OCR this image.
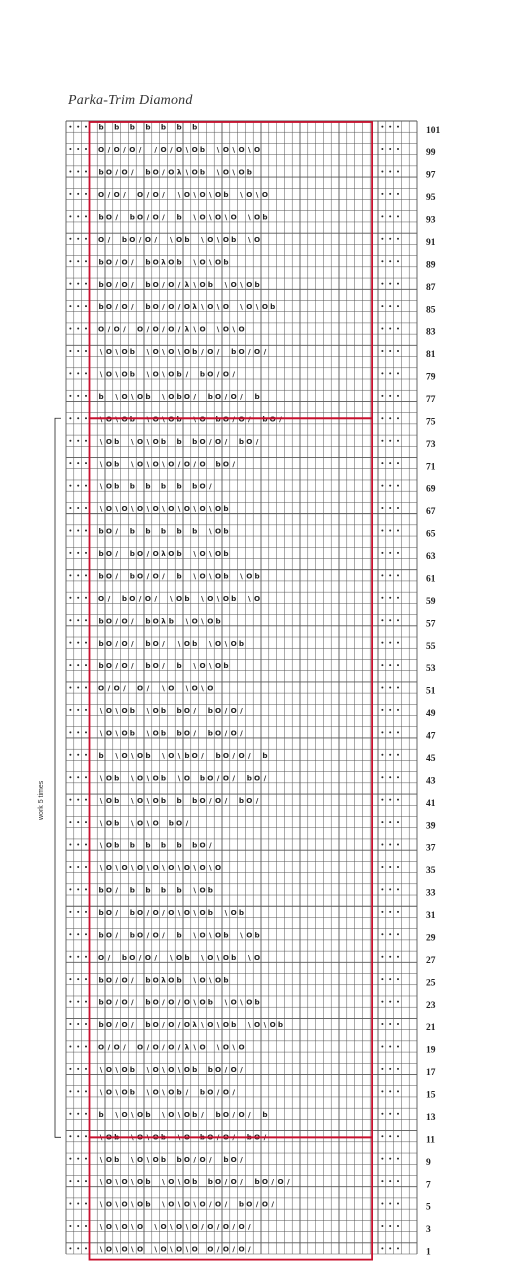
Parka-Trim Diamond
work 5 times
b b b b b b b
O / O / O / / O / O \ O b \ O \ O \ O
b O / O / b O / O λ \ O b \ O \ O b
O / O / O / O / \ O \ O \ O b \ O \ O
b O / b O / O / b \ O \ O \ O \ O b
O / b O / O / \ O b \ O \ O b \ O
b O / O / b O λ O b \ O \ O b
b O / O / b O / O / λ \ O b \ O \ O b
b O / O / b O / O / O λ \ O \ O \ O \ O b
O / O / O / O / O / λ \ O \ O \ O
\ O \ O b \ O \ O \ O b / O / b O / O /
\ O \ O b \ O \ O b / b O / O /
b \ O \ O b \ O b O / b O / O / b
\ O \ O b \ O \ O b \ O b O / O / b O /
\ O b \ O \ O b b b O / O / b O /
\ O b \ O \ O \ O / O / O b O /
\ O b b b b b b O /
\ O \ O \ O \ O \ O \ O \ O \ O b
b O / b b b b b \ O b
b O / b O / O λ O b \ O \ O b
b O / b O / O / b \ O \ O b \ O b
O / b O / O / \ O b \ O \ O b \ O
b O / O / b O λ b \ O \ O b
b O / O / b O / \ O b \ O \ O b
b O / O / b O / b \ O \ O b
O / O / O / \ O \ O \ O
\ O \ O b \ O b b O / b O / O /
\ O \ O b \ O b b O / b O / O /
b \ O \ O b \ O \ b O / b O / O / b
\ O b \ O \ O b \ O b O / O / b O /
\ O b \ O \ O b b b O / O / b O /
\ O b \ O \ O b O /
\ O b b b b b b O /
\ O \ O \ O \ O \ O \ O \ O \ O
b O / b b b b \ O b
b O / b O / O / O \ O \ O b \ O b
b O / b O / O / b \ O \ O b \ O b
O / b O / O / \ O b \ O \ O b \ O
b O / O / b O λ O b \ O \ O b
b O / O / b O / O / O \ O b \ O \ O b
b O / O / b O / O / O λ \ O \ O b \ O \ O b
O / O / O / O / O / λ \ O \ O \ O
\ O \ O b \ O \ O \ O b b O / O /
\ O \ O b \ O \ O b / b O / O /
b \ O \ O b \ O \ O b / b O / O / b
\ O b \ O \ O b \ O b O / O / b O /
\ O b \ O \ O b b O / O / b O /
\ O \ O \ O b \ O \ O b b O / O / b O / O /
\ O \ O \ O b \ O \ O \ O / O / b O / O /
\ O \ O \ O \ O \ O \ O / O / O / O /
\ O \ O \ O \ O \ O \ O O / O / O /
101
99
97
95
93
91
89
87
85
83
81
79
77
75
73
71
69
67
65
63
61
59
57
55
53
51
49
47
45
43
41
39
37
35
33
31
29
27
25
23
21
19
17
15
13
11
9
7
5
3
1
